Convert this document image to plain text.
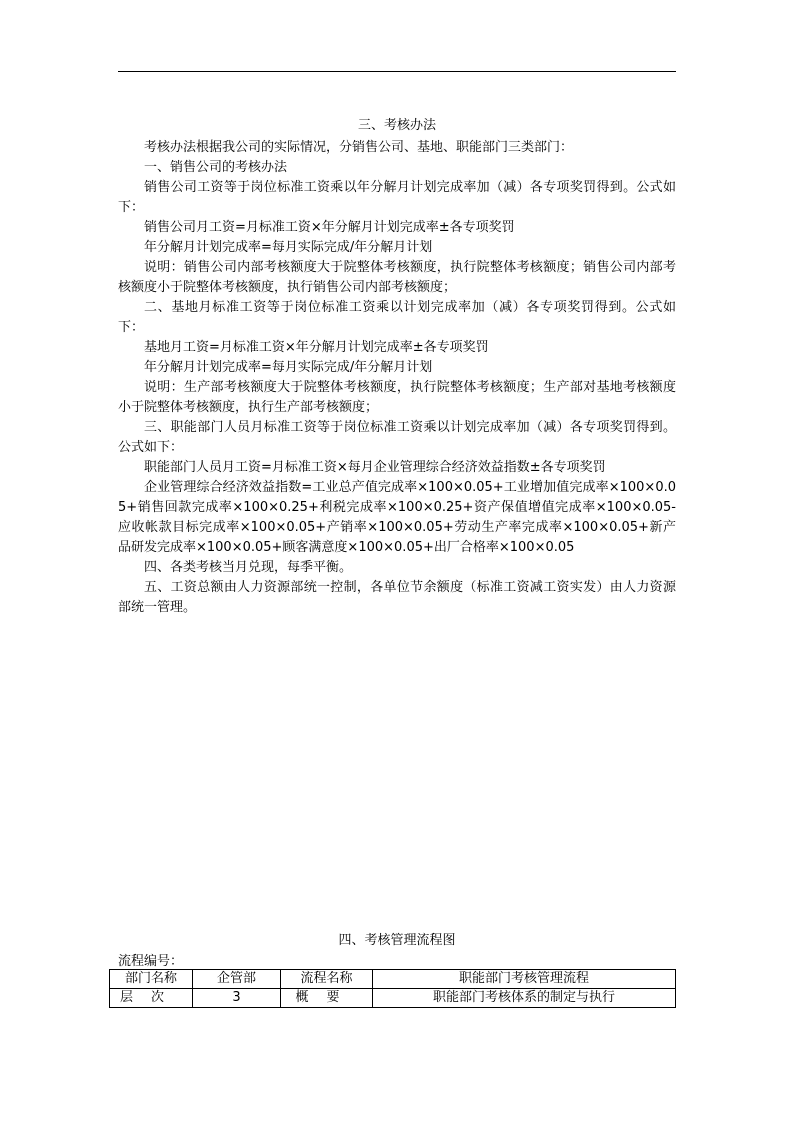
三、考核办法

考核办法根据我公司的实际情况，分销售公司、基地、职能部门三类部门：

一、销售公司的考核办法

销售公司工资等于岗位标准工资乘以年分解月计划完成率加（减）各专项奖罚得到。公式如下：

销售公司月工资=月标准工资×年分解月计划完成率±各专项奖罚

年分解月计划完成率=每月实际完成/年分解月计划

说明：销售公司内部考核额度大于院整体考核额度，执行院整体考核额度；销售公司内部考核额度小于院整体考核额度，执行销售公司内部考核额度；

二、基地月标准工资等于岗位标准工资乘以计划完成率加（减）各专项奖罚得到。公式如下：

基地月工资=月标准工资×年分解月计划完成率±各专项奖罚

年分解月计划完成率=每月实际完成/年分解月计划

说明：生产部考核额度大于院整体考核额度，执行院整体考核额度；生产部对基地考核额度小于院整体考核额度，执行生产部考核额度；

三、职能部门人员月标准工资等于岗位标准工资乘以计划完成率加（减）各专项奖罚得到。公式如下：

职能部门人员月工资=月标准工资×每月企业管理综合经济效益指数±各专项奖罚

企业管理综合经济效益指数=工业总产值完成率×100×0.05+工业增加值完成率×100×0.05+销售回款完成率×100×0.25+利税完成率×100×0.25+资产保值增值完成率×100×0.05-应收帐款目标完成率×100×0.05+产销率×100×0.05+劳动生产率完成率×100×0.05+新产品研发完成率×100×0.05+顾客满意度×100×0.05+出厂合格率×100×0.05

四、各类考核当月兑现，每季平衡。

五、工资总额由人力资源部统一控制，各单位节余额度（标准工资减工资实发）由人力资源部统一管理。

四、考核管理流程图
流程编号：
部门名称	企管部	流程名称	职能部门考核管理流程
层次	3	概要	职能部门考核体系的制定与执行
